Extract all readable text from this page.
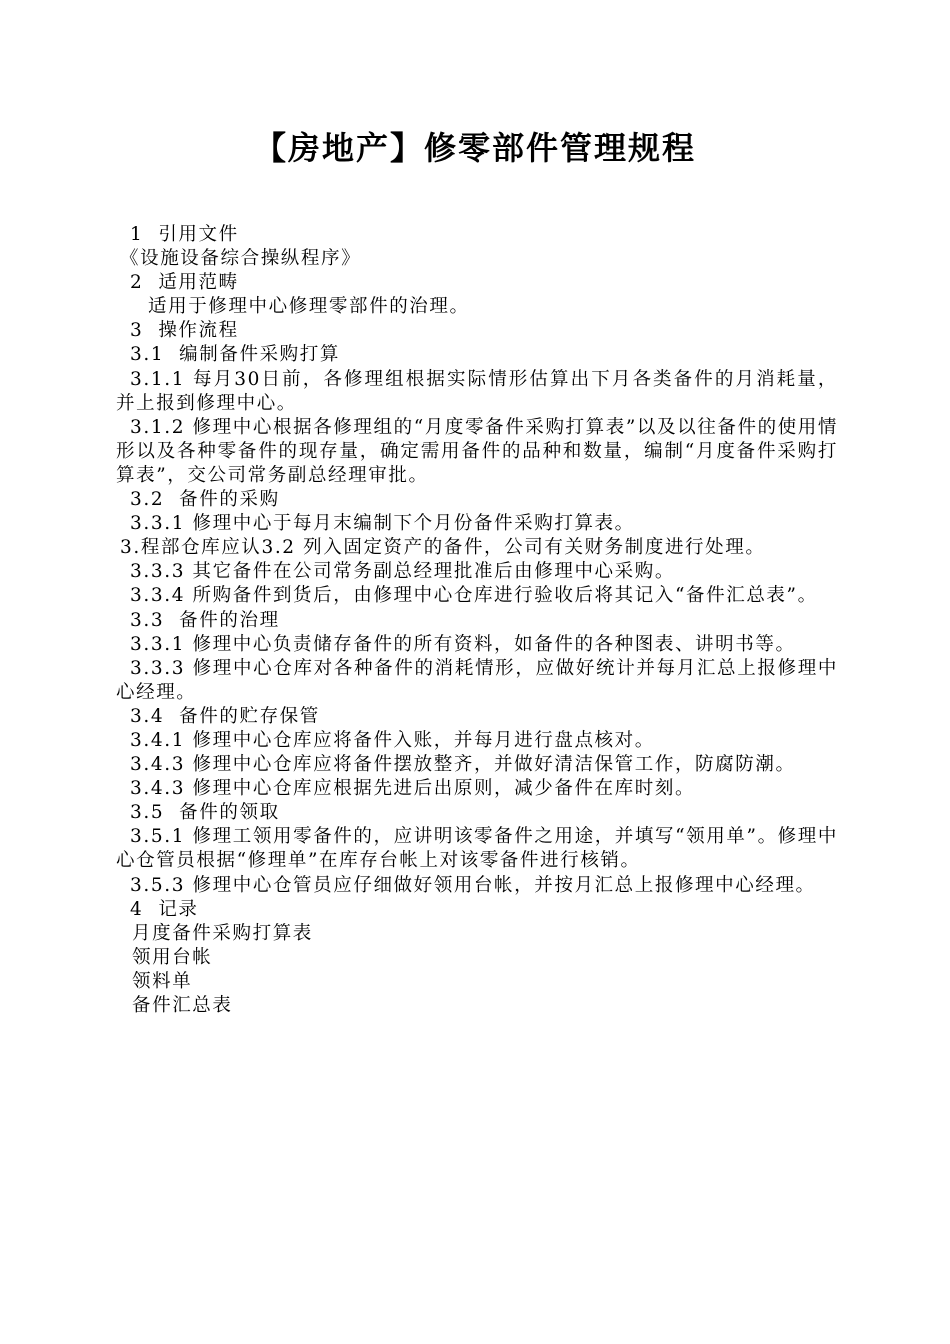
【房地产】修零部件管理规程
1  引用文件
《设施设备综合操纵程序》
2  适用范畴
适用于修理中心修理零部件的治理。
3  操作流程
3.1  编制备件采购打算
3.1.1 每月30日前，各修理组根据实际情形估算出下月各类备件的月消耗量，并上报到修理中心。
3.1.2 修理中心根据各修理组的“月度零备件采购打算表”以及以往备件的使用情形以及各种零备件的现存量，确定需用备件的品种和数量，编制“月度备件采购打算表”，交公司常务副总经理审批。
3.2  备件的采购
3.3.1 修理中心于每月末编制下个月份备件采购打算表。
3.程部仓库应认3.2 列入固定资产的备件，公司有关财务制度进行处理。
3.3.3 其它备件在公司常务副总经理批准后由修理中心采购。
3.3.4 所购备件到货后，由修理中心仓库进行验收后将其记入“备件汇总表”。
3.3  备件的治理
3.3.1 修理中心负责储存备件的所有资料，如备件的各种图表、讲明书等。
3.3.3 修理中心仓库对各种备件的消耗情形，应做好统计并每月汇总上报修理中心经理。
3.4  备件的贮存保管
3.4.1 修理中心仓库应将备件入账，并每月进行盘点核对。
3.4.3 修理中心仓库应将备件摆放整齐，并做好清洁保管工作，防腐防潮。
3.4.3 修理中心仓库应根据先进后出原则，减少备件在库时刻。
3.5  备件的领取
3.5.1 修理工领用零备件的，应讲明该零备件之用途，并填写“领用单”。修理中心仓管员根据“修理单”在库存台帐上对该零备件进行核销。
3.5.3 修理中心仓管员应仔细做好领用台帐，并按月汇总上报修理中心经理。
4  记录
月度备件采购打算表
领用台帐
领料单
备件汇总表
